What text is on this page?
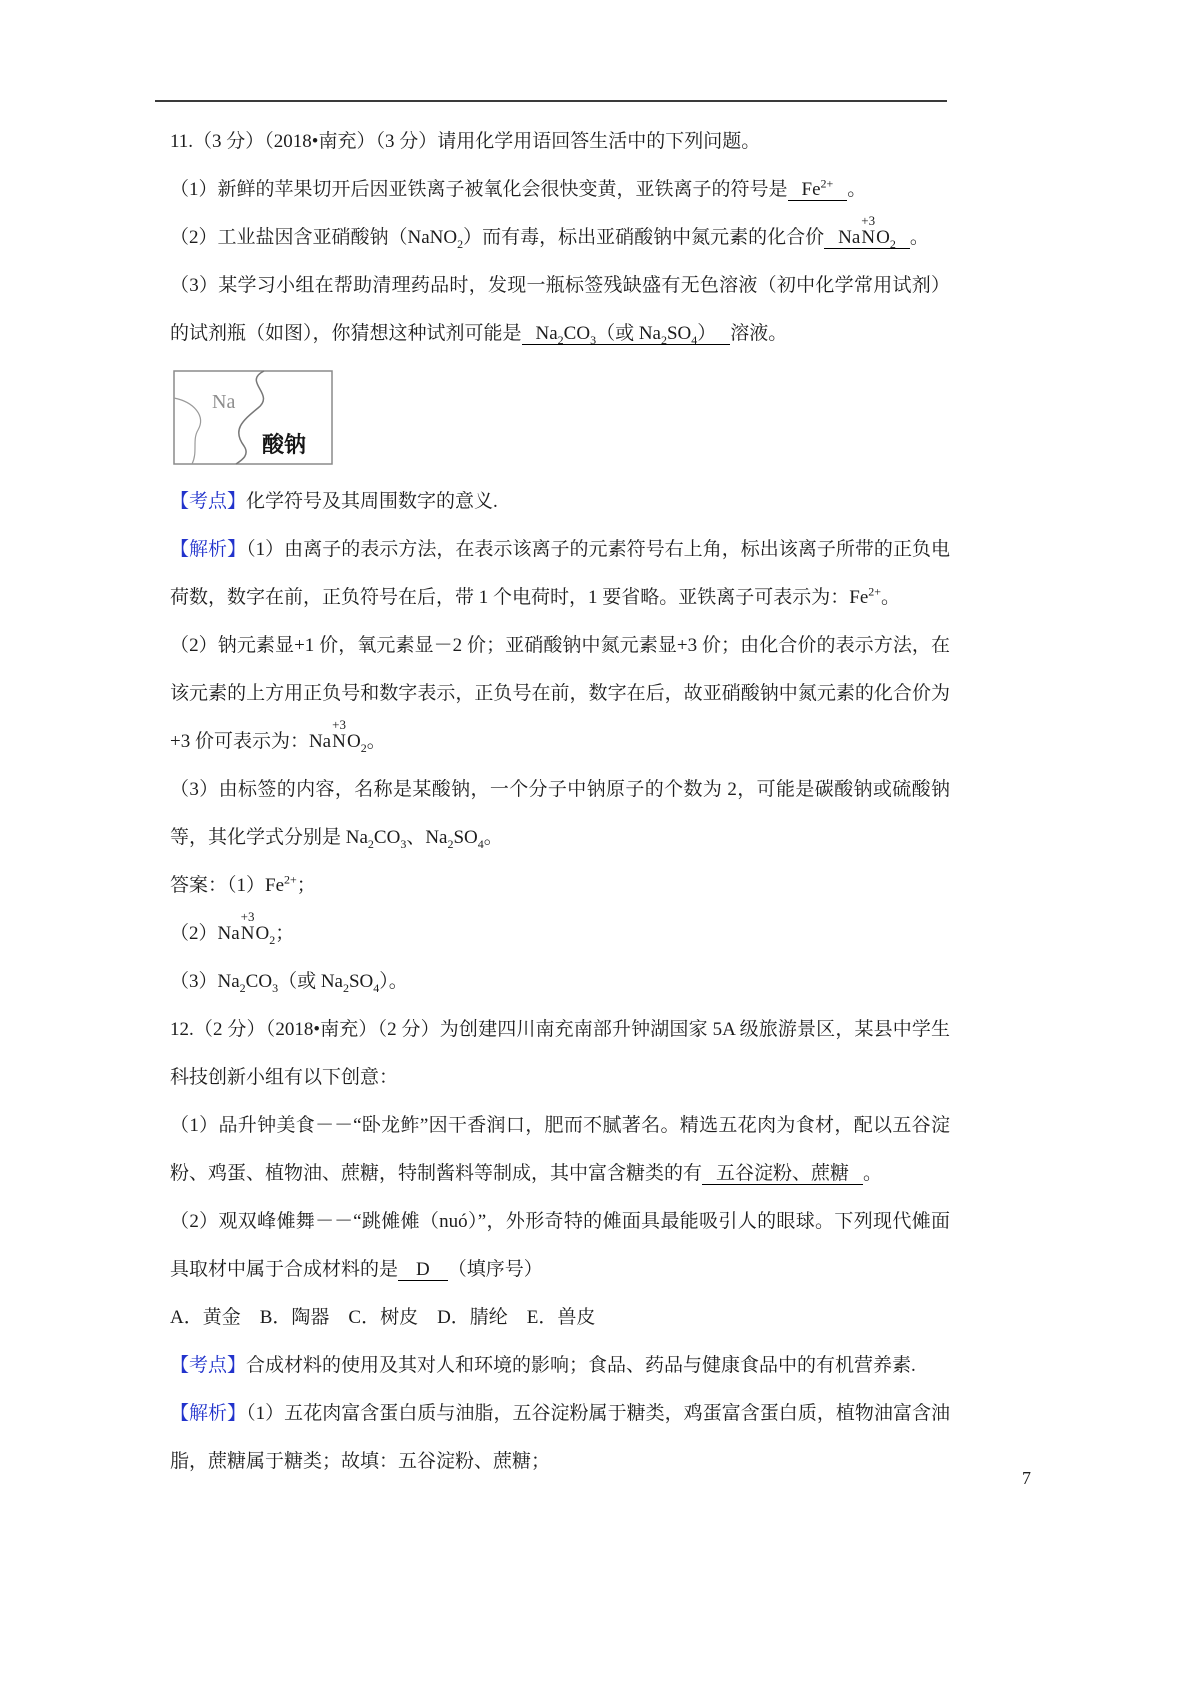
11.（3 分）（2018•南充）（3 分）请用化学用语回答生活中的下列问题。

（1）新鲜的苹果切开后因亚铁离子被氧化会很快变黄，亚铁离子的符号是 $Fe^{2+}$ 。

（2）工业盐因含亚硝酸钠（NaNO$_2$）而有毒，标出亚硝酸钠中氮元素的化合价 Na
+3
N $O_2$ 。

（3）某学习小组在帮助清理药品时，发现一瓶标签残缺盛有无色溶液（初中化学常用试剂）的试剂瓶（如图），你猜想这种试剂可能是 $Na_2CO_3$（或 $Na_2SO_4$） 溶液。

Na
酸钠

【考点】化学符号及其周围数字的意义.

【解析】（1）由离子的表示方法，在表示该离子的元素符号右上角，标出该离子所带的正负电荷数，数字在前，正负符号在后，带 1 个电荷时，1 要省略。亚铁离子可表示为：$Fe^{2+}$。

（2）钠元素显+1 价，氧元素显－2 价；亚硝酸钠中氮元素显+3 价；由化合价的表示方法，在该元素的上方用正负号和数字表示，正负号在前，数字在后，故亚硝酸钠中氮元素的化合价为+3 价可表示为：Na
+3
N $O_2$。

（3）由标签的内容，名称是某酸钠，一个分子中钠原子的个数为 2，可能是碳酸钠或硫酸钠等，其化学式分别是 $Na_2CO_3$、$Na_2SO_4$。

答案：$(1)Fe^{2+}$；

（2）Na
+3
N $O_2$；

$(3)Na_2CO_3$（或 $Na_2SO_4$）。

12.（2 分）（2018•南充）（2 分）为创建四川南充南部升钟湖国家 5A 级旅游景区，某县中学生科技创新小组有以下创意：

（1）品升钟美食－－“卧龙鲊”因干香润口，肥而不腻著名。精选五花肉为食材，配以五谷淀粉、鸡蛋、植物油、蔗糖，特制酱料等制成，其中富含糖类的有 五谷淀粉、蔗糖 。

（2）观双峰傩舞－－“跳傩傩（nuó）”，外形奇特的傩面具最能吸引人的眼球。下列现代傩面具取材中属于合成材料的是 D （填序号）

A．黄金　B．陶器　C．树皮　D．腈纶　E．兽皮

【考点】合成材料的使用及其对人和环境的影响；食品、药品与健康食品中的有机营养素.

【解析】（1）五花肉富含蛋白质与油脂，五谷淀粉属于糖类，鸡蛋富含蛋白质，植物油富含油脂，蔗糖属于糖类；故填：五谷淀粉、蔗糖；

7
